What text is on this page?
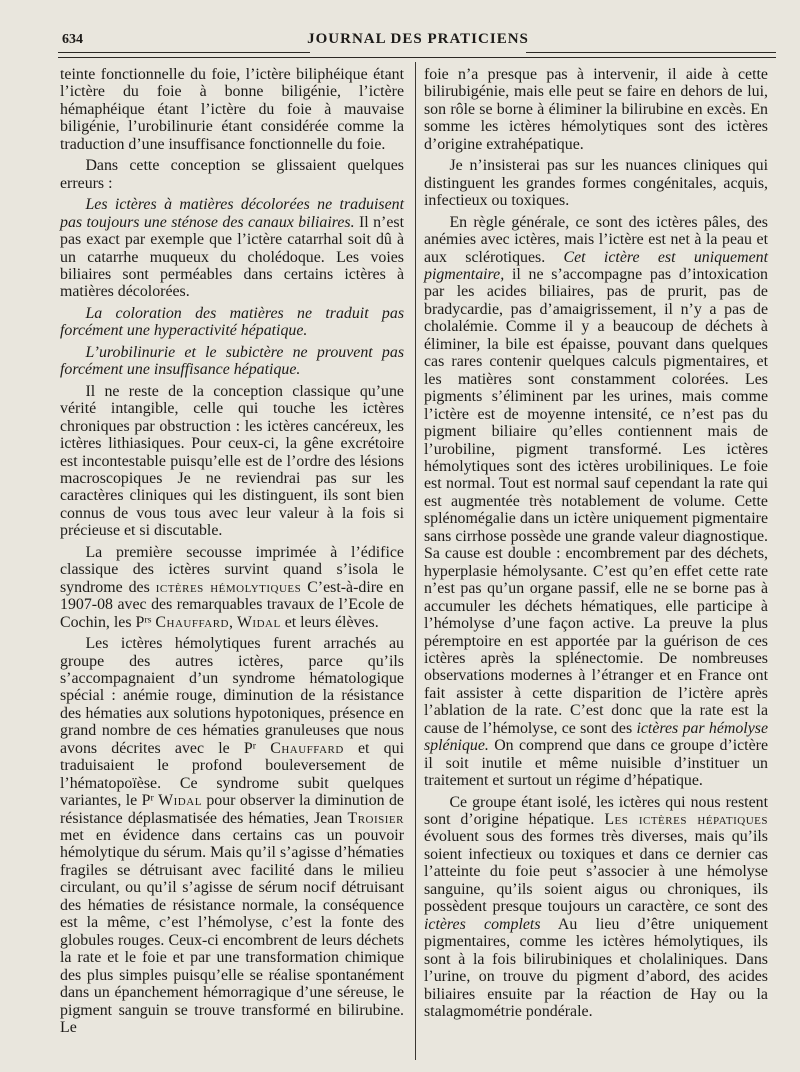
634	JOURNAL DES PRATICIENS

teinte fonctionnelle du foie, l’ictère biliphéique étant l’ictère du foie à bonne biligénie, l’ictère hémaphéique étant l’ictère du foie à mauvaise biligénie, l’urobilinurie étant considérée comme la traduction d’une insuffisance fonctionnelle du foie.

Dans cette conception se glissaient quelques erreurs :

Les ictères à matières décolorées ne traduisent pas toujours une sténose des canaux biliaires. Il n’est pas exact par exemple que l’ictère catarrhal soit dû à un catarrhe muqueux du cholédoque. Les voies biliaires sont perméables dans certains ictères à matières décolorées.

La coloration des matières ne traduit pas forcément une hyperactivité hépatique.

L’urobilinurie et le subictère ne prouvent pas forcément une insuffisance hépatique.

Il ne reste de la conception classique qu’une vérité intangible, celle qui touche les ictères chroniques par obstruction : les ictères cancéreux, les ictères lithiasiques. Pour ceux-ci, la gêne excrétoire est incontestable puisqu’elle est de l’ordre des lésions macroscopiques Je ne reviendrai pas sur les caractères cliniques qui les distinguent, ils sont bien connus de vous tous avec leur valeur à la fois si précieuse et si discutable.

La première secousse imprimée à l’édifice classique des ictères survint quand s’isola le syndrome des ictères hémolytiques C’est-à-dire en 1907-08 avec des remarquables travaux de l’Ecole de Cochin, les $P^{rs}$ Chauffard, Widal et leurs élèves.

Les ictères hémolytiques furent arrachés au groupe des autres ictères, parce qu’ils s’accompagnaient d’un syndrome hématologique spécial : anémie rouge, diminution de la résistance des hématies aux solutions hypotoniques, présence en grand nombre de ces hématies granuleuses que nous avons décrites avec le $P^r$ Chauffard et qui traduisaient le profond bouleversement de l’hématopoïèse. Ce syndrome subit quelques variantes, le $P^r$ Widal pour observer la diminution de résistance déplasmatisée des hématies, Jean Troisier met en évidence dans certains cas un pouvoir hémolytique du sérum. Mais qu’il s’agisse d’hématies fragiles se détruisant avec facilité dans le milieu circulant, ou qu’il s’agisse de sérum nocif détruisant des hématies de résistance normale, la conséquence est la même, c’est l’hémolyse, c’est la fonte des globules rouges. Ceux-ci encombrent de leurs déchets la rate et le foie et par une transformation chimique des plus simples puisqu’elle se réalise spontanément dans un épanchement hémorragique d’une séreuse, le pigment sanguin se trouve transformé en bilirubine. Le

foie n’a presque pas à intervenir, il aide à cette bilirubigénie, mais elle peut se faire en dehors de lui, son rôle se borne à éliminer la bilirubine en excès. En somme les ictères hémolytiques sont des ictères d’origine extrahépatique.

Je n’insisterai pas sur les nuances cliniques qui distinguent les grandes formes congénitales, acquis, infectieux ou toxiques.

En règle générale, ce sont des ictères pâles, des anémies avec ictères, mais l’ictère est net à la peau et aux sclérotiques. Cet ictère est uniquement pigmentaire, il ne s’accompagne pas d’intoxication par les acides biliaires, pas de prurit, pas de bradycardie, pas d’amaigrissement, il n’y a pas de cholalémie. Comme il y a beaucoup de déchets à éliminer, la bile est épaisse, pouvant dans quelques cas rares contenir quelques calculs pigmentaires, et les matières sont constamment colorées. Les pigments s’éliminent par les urines, mais comme l’ictère est de moyenne intensité, ce n’est pas du pigment biliaire qu’elles contiennent mais de l’urobiline, pigment transformé. Les ictères hémolytiques sont des ictères urobiliniques. Le foie est normal. Tout est normal sauf cependant la rate qui est augmentée très notablement de volume. Cette splénomégalie dans un ictère uniquement pigmentaire sans cirrhose possède une grande valeur diagnostique. Sa cause est double : encombrement par des déchets, hyperplasie hémolysante. C’est qu’en effet cette rate n’est pas qu’un organe passif, elle ne se borne pas à accumuler les déchets hématiques, elle participe à l’hémolyse d’une façon active. La preuve la plus péremptoire en est apportée par la guérison de ces ictères après la splénectomie. De nombreuses observations modernes à l’étranger et en France ont fait assister à cette disparition de l’ictère après l’ablation de la rate. C’est donc que la rate est la cause de l’hémolyse, ce sont des ictères par hémolyse splénique. On comprend que dans ce groupe d’ictère il soit inutile et même nuisible d’instituer un traitement et surtout un régime d’hépatique.

Ce groupe étant isolé, les ictères qui nous restent sont d’origine hépatique. Les ictères hépatiques évoluent sous des formes très diverses, mais qu’ils soient infectieux ou toxiques et dans ce dernier cas l’atteinte du foie peut s’associer à une hémolyse sanguine, qu’ils soient aigus ou chroniques, ils possèdent presque toujours un caractère, ce sont des ictères complets Au lieu d’être uniquement pigmentaires, comme les ictères hémolytiques, ils sont à la fois bilirubiniques et cholaliniques. Dans l’urine, on trouve du pigment d’abord, des acides biliaires ensuite par la réaction de Hay ou la stalagmométrie pondérale.
